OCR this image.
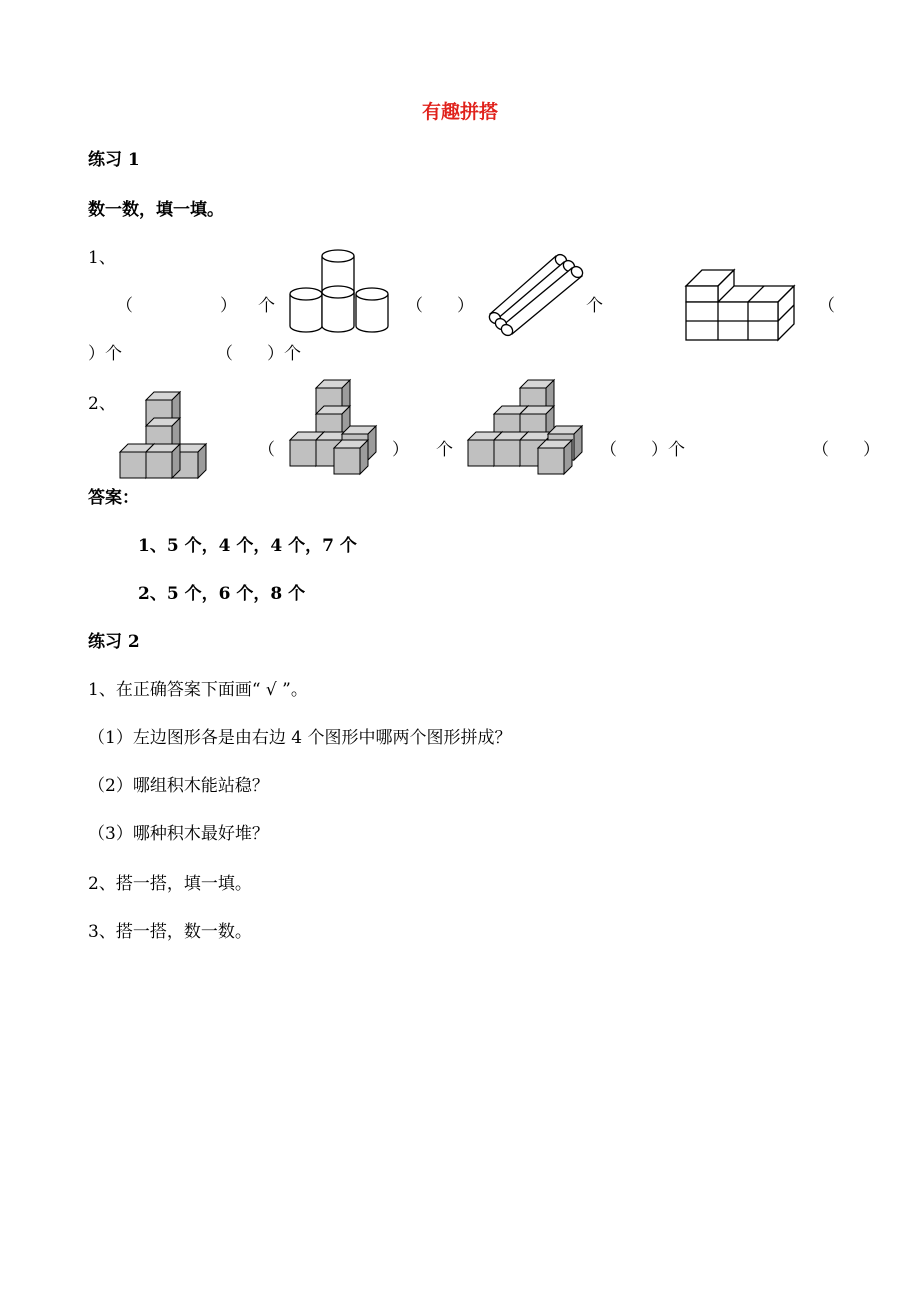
有趣拼搭
练习 1
数一数，填一填。
1、
（	） 个	（　　）	个	（
）个	（　　）个
2、
（	） 个	（　　）个	（　　）
答案：
1、5 个，4 个，4 个，7 个
2、5 个，6 个，8 个
练习 2
1、在正确答案下面画“ √ ”。
（1）左边图形各是由右边 4 个图形中哪两个图形拼成？
（2）哪组积木能站稳？
（3）哪种积木最好堆？
2、搭一搭，填一填。
3、搭一搭，数一数。
